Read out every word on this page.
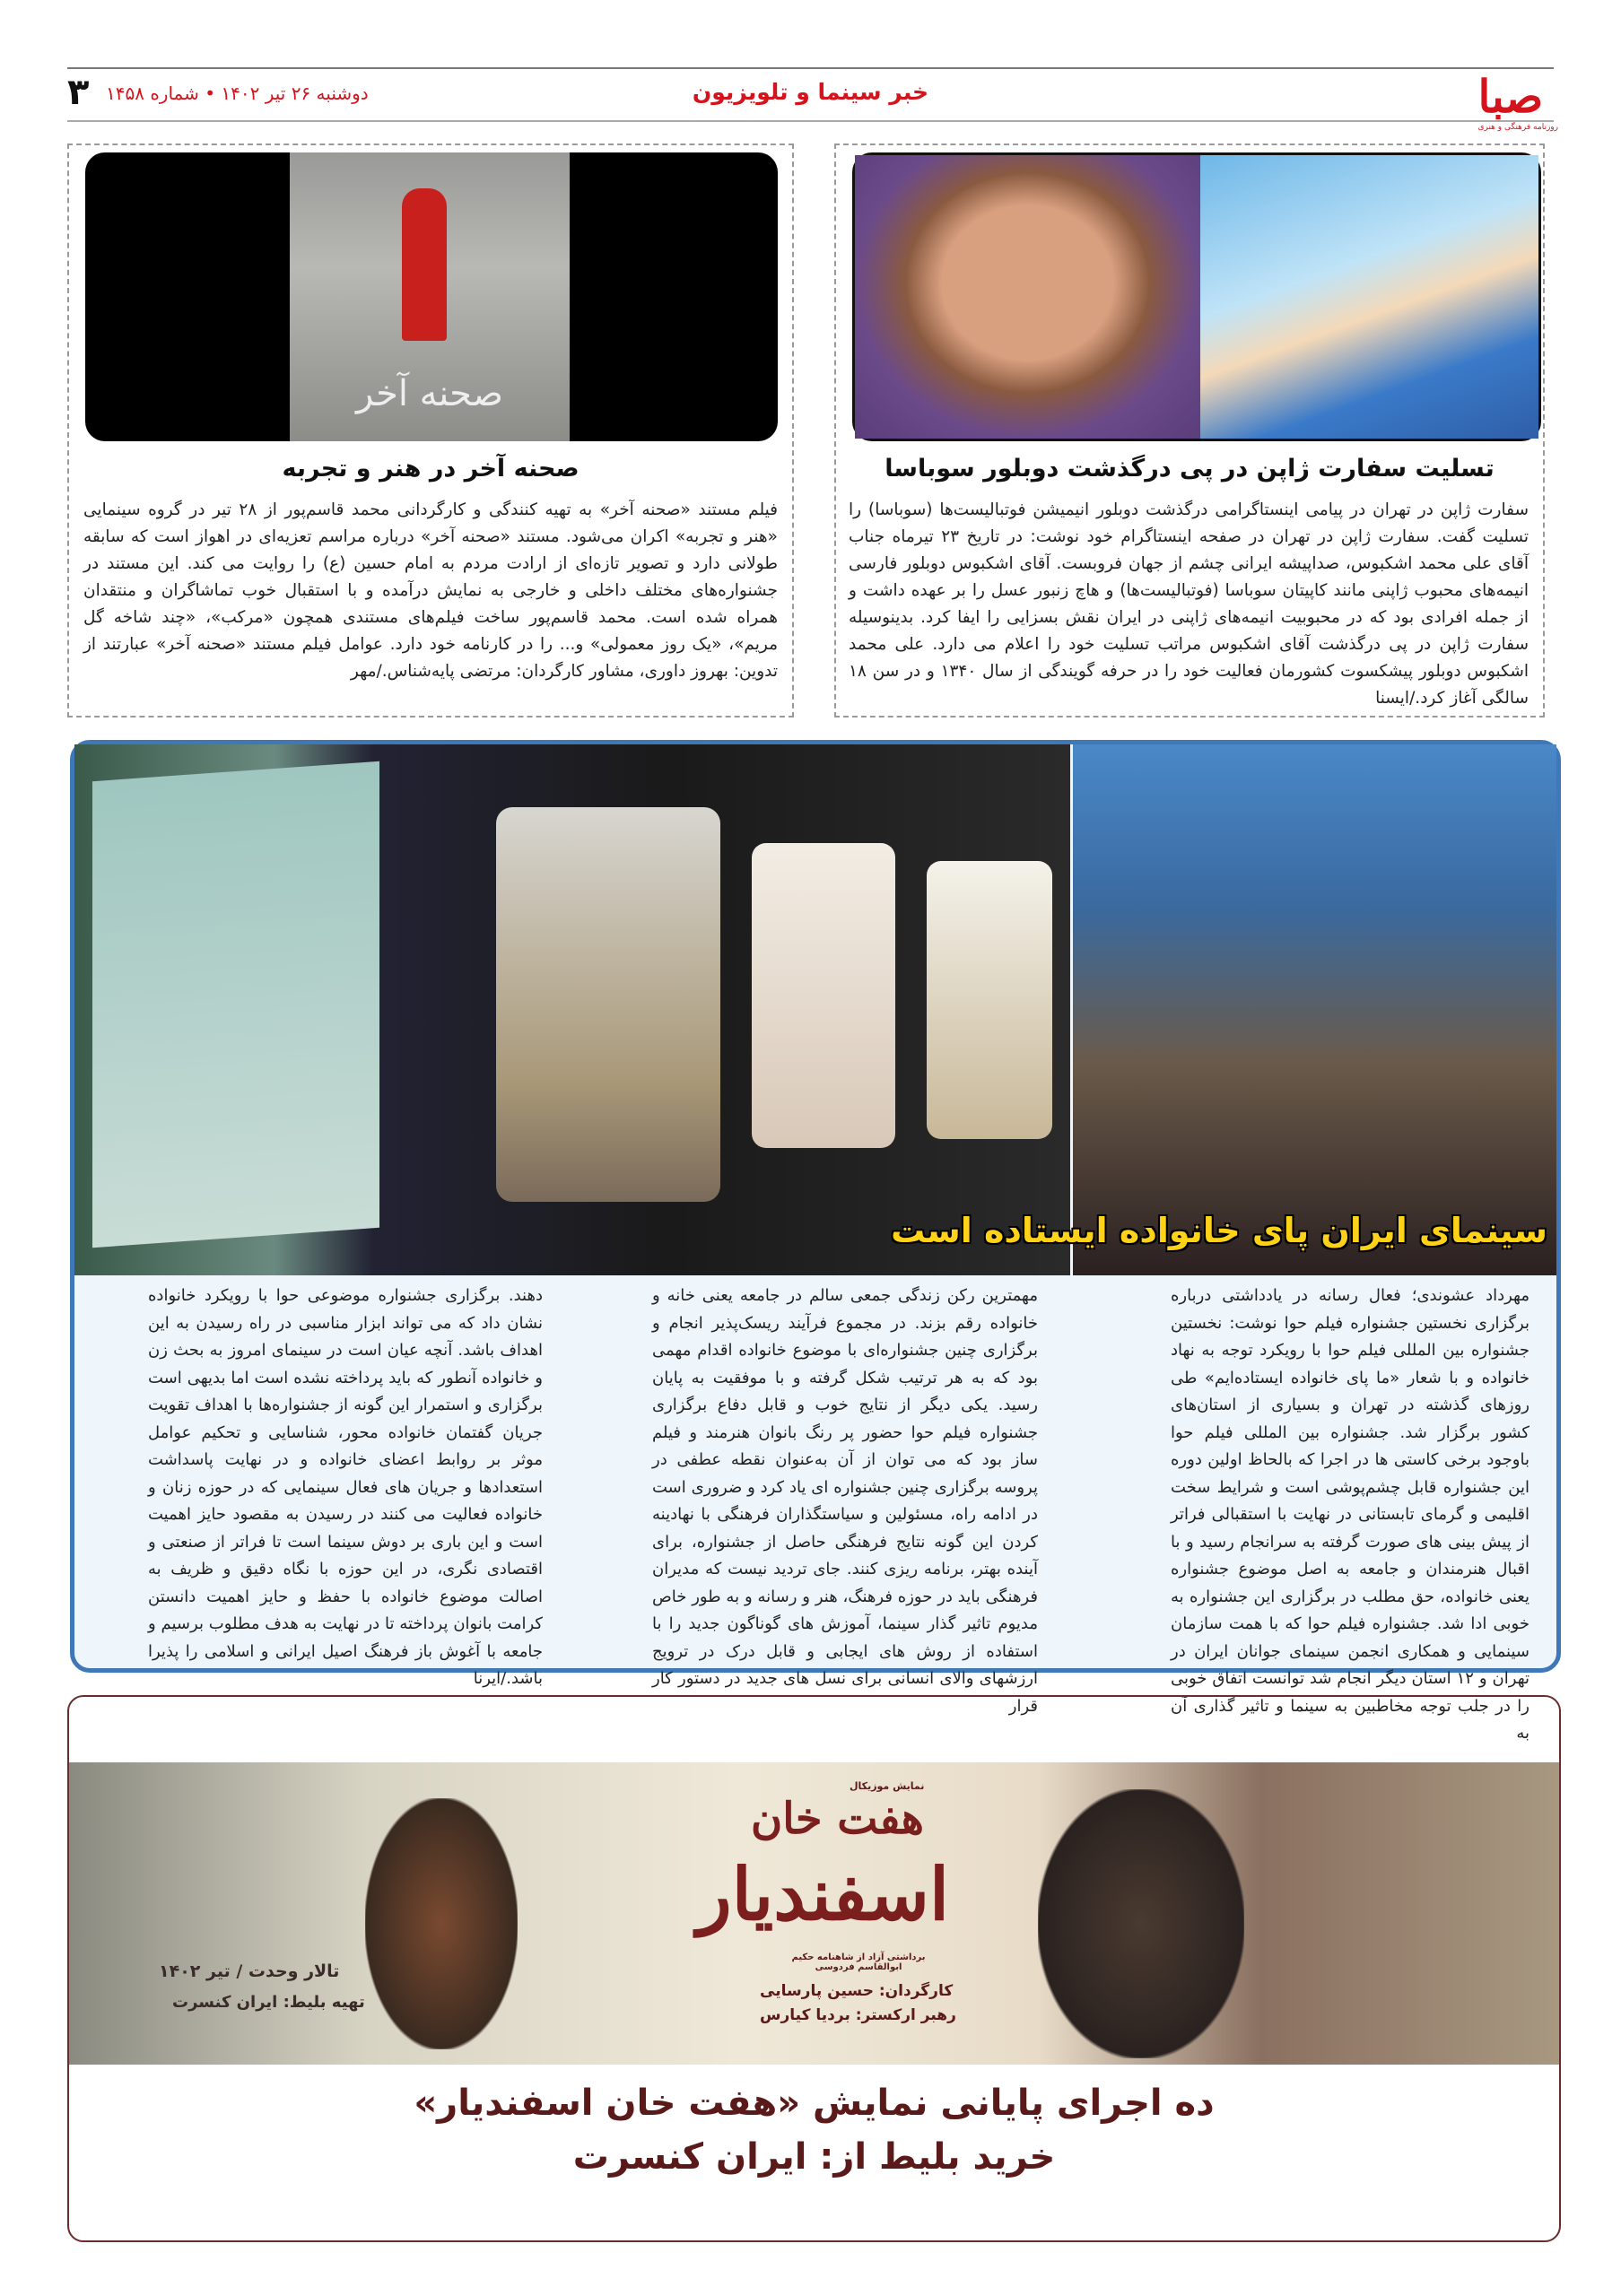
صبا
روزنامه فرهنگی و هنری
خبر سینما و تلویزیون
دوشنبه ۲۶ تیر ۱۴۰۲ • شماره ۱۴۵۸
۳
تسلیت سفارت ژاپن در پی درگذشت دوبلور سوباسا
سفارت ژاپن در تهران در پیامی اینستاگرامی درگذشت دوبلور انیمیشن فوتبالیست‌ها (سوباسا) را تسلیت گفت. سفارت ژاپن در تهران در صفحه اینستاگرام خود نوشت: در تاریخ ۲۳ تیرماه جناب آقای علی محمد اشکبوس، صداپیشه ایرانی چشم از جهان فروبست. آقای اشکبوس دوبلور فارسی انیمه‌های محبوب ژاپنی مانند کاپیتان سوباسا (فوتبالیست‌ها) و هاچ زنبور عسل را بر عهده داشت و از جمله افرادی بود که در محبوبیت انیمه‌های ژاپنی در ایران نقش بسزایی را ایفا کرد. بدینوسیله سفارت ژاپن در پی درگذشت آقای اشکبوس مراتب تسلیت خود را اعلام می دارد. علی محمد اشکبوس دوبلور پیشکسوت کشورمان فعالیت خود را در حرفه گویندگی از سال ۱۳۴۰ و در سن ۱۸ سالگی آغاز کرد./ایسنا
صحنه آخر
صحنه آخر در هنر و تجربه
فیلم مستند «صحنه آخر» به تهیه کنندگی و کارگردانی محمد قاسم‌پور از ۲۸ تیر در گروه سینمایی «هنر و تجربه» اکران می‌شود. مستند «صحنه آخر» درباره مراسم تعزیه‌ای در اهواز است که سابقه طولانی دارد و تصویر تازه‌ای از ارادت مردم به امام حسین (ع) را روایت می کند. این مستند در جشنواره‌های مختلف داخلی و خارجی به نمایش درآمده و با استقبال خوب تماشاگران و منتقدان همراه شده است. محمد قاسم‌پور ساخت فیلم‌های مستندی همچون «مرکب»، «چند شاخه گل مریم»، «یک روز معمولی» و... را در کارنامه خود دارد. عوامل فیلم مستند «صحنه آخر» عبارتند از تدوین: بهروز داوری، مشاور کارگردان: مرتضی پایه‌شناس./مهر
سینمای ایران پای خانواده ایستاده است
مهرداد عشوندی؛ فعال رسانه در یادداشتی درباره برگزاری نخستین جشنواره فیلم حوا نوشت: نخستین جشنواره بین المللی فیلم حوا با رویکرد توجه به نهاد خانواده و با شعار «ما پای خانواده ایستاده‌ایم» طی روزهای گذشته در تهران و بسیاری از استان‌های کشور برگزار شد. جشنواره بین المللی فیلم حوا باوجود برخی کاستی ها در اجرا که بالحاظ اولین دوره این جشنواره قابل چشم‌پوشی است و شرایط سخت اقلیمی و گرمای تابستانی در نهایت با استقبالی فراتر از پیش بینی های صورت گرفته به سرانجام رسید و با اقبال هنرمندان و جامعه به اصل موضوع جشنواره یعنی خانواده، حق مطلب در برگزاری این جشنواره به خوبی ادا شد. جشنواره فیلم حوا که با همت سازمان سینمایی و همکاری انجمن سینمای جوانان ایران در تهران و ۱۲ استان دیگر انجام شد توانست اتفاق خوبی را در جلب توجه مخاطبین به سینما و تاثیر گذاری آن به
مهمترین رکن زندگی جمعی سالم در جامعه یعنی خانه و خانواده رقم بزند. در مجموع فرآیند ریسک‌پذیر انجام و برگزاری چنین جشنواره‌ای با موضوع خانواده اقدام مهمی بود که به هر ترتیب شکل گرفته و با موفقیت به پایان رسید. یکی دیگر از نتایج خوب و قابل دفاع برگزاری جشنواره فیلم حوا حضور پر رنگ بانوان هنرمند و فیلم ساز بود که می توان از آن به‌عنوان نقطه عطفی در پروسه برگزاری چنین جشنواره ای یاد کرد و ضروری است در ادامه راه، مسئولین و سیاستگذاران فرهنگی با نهادینه کردن این گونه نتایج فرهنگی حاصل از جشنواره، برای آینده بهتر، برنامه ریزی کنند. جای تردید نیست که مدیران فرهنگی باید در حوزه فرهنگ، هنر و رسانه و به طور خاص مدیوم تاثیر گذار سینما، آموزش های گوناگون جدید را با استفاده از روش های ایجابی و قابل درک در ترویج ارزشهای والای انسانی برای نسل های جدید در دستور کار قرار
دهند. برگزاری جشنواره موضوعی حوا با رویکرد خانواده نشان داد که می تواند ابزار مناسبی در راه رسیدن به این اهداف باشد. آنچه عیان است در سینمای امروز به بحث زن و خانواده آنطور که باید پرداخته نشده است اما بدیهی است برگزاری و استمرار این گونه از جشنواره‌ها با اهداف تقویت جریان گفتمان خانواده محور، شناسایی و تحکیم عوامل موثر بر روابط اعضای خانواده و در نهایت پاسداشت استعدادها و جریان های فعال سینمایی که در حوزه زنان و خانواده فعالیت می کنند در رسیدن به مقصود حایز اهمیت است و این باری بر دوش سینما است تا فراتر از صنعتی و اقتصادی نگری، در این حوزه با نگاه دقیق و ظریف به اصالت موضوع خانواده با حفظ و حایز اهمیت دانستن کرامت بانوان پرداخته تا در نهایت به هدف مطلوب برسیم و جامعه با آغوش باز فرهنگ اصیل ایرانی و اسلامی را پذیرا باشد./ایرنا
نمایش موزیکال
هفت خان
اسفندیار
برداشتی آزاد از شاهنامه حکیم ابوالقاسم فردوسی
کارگردان: حسین پارسایی
رهبر ارکستر: بردیا کیارس
تالار وحدت / تیر ۱۴۰۲
تهیه بلیط: ایران کنسرت
ده اجرای پایانی نمایش «هفت خان اسفندیار»
خرید بلیط از: ایران کنسرت
